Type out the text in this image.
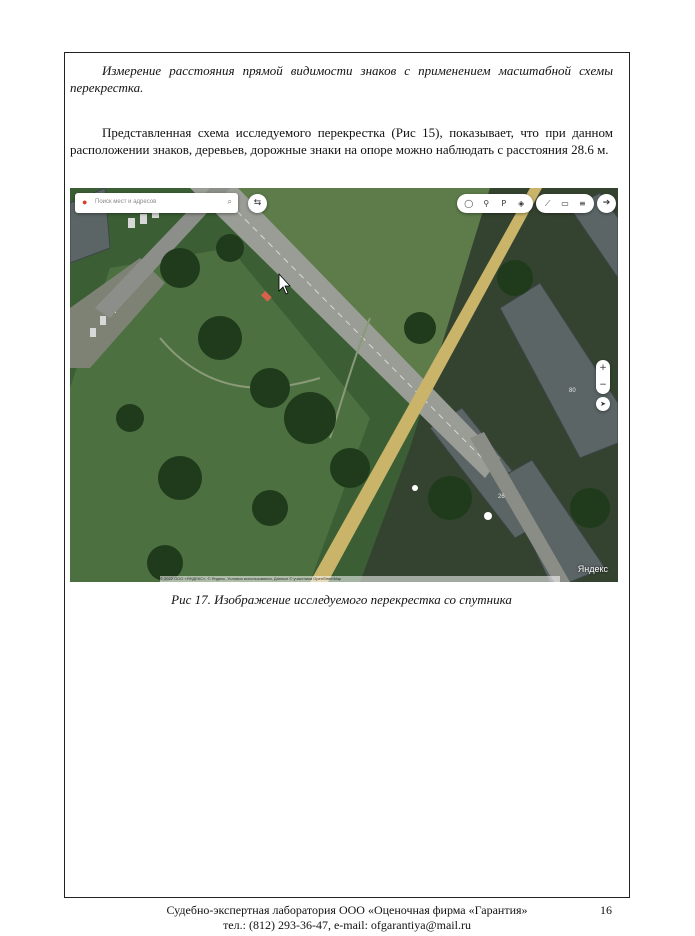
Измерение расстояния прямой видимости знаков с применением масштабной схемы перекрестка.

Представленная схема исследуемого перекрестка (Рис 15), показывает, что при данном расположении знаков, деревьев, дорожные знаки на опоре можно наблюдать с расстояния 28.6 м.

80
26
● Поиск мест и адресов	⌕	⇆	◯	⚲	P	◈	⟋	▭	≡	➔
+
−
➤
© 2022 ООО «ЯНДЕКС», © Яндекс, Условия использования, Данные © участники OpenStreetMap
Яндекс
Рис 17. Изображение исследуемого перекрестка со спутника
Судебно-экспертная лаборатория ООО «Оценочная фирма «Гарантия»
тел.: (812) 293-36-47, e-mail: ofgarantiya@mail.ru
16
